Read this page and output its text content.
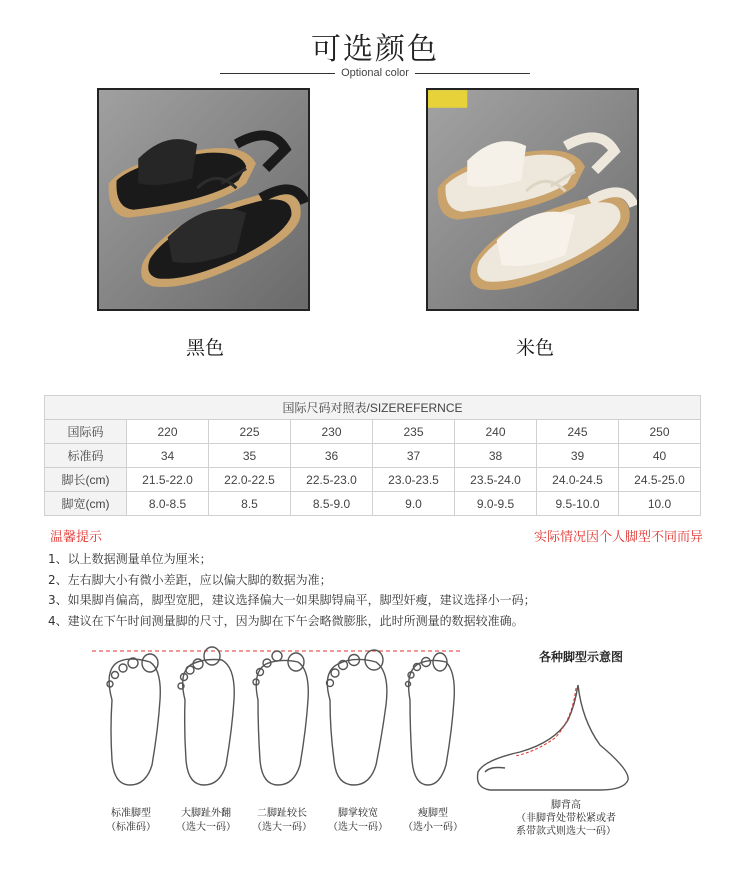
可选颜色
Optional color
黑色	米色
国际尺码对照表/SIZEREFERNCE							
国际码	220	225	230	235	240	245	250
标准码	34	35	36	37	38	39	40
脚长(cm)	21.5-22.0	22.0-22.5	22.5-23.0	23.0-23.5	23.5-24.0	24.0-24.5	24.5-25.0
脚宽(cm)	8.0-8.5	8.5	8.5-9.0	9.0	9.0-9.5	9.5-10.0	10.0
温馨提示	实际情况因个人脚型不同而异
1、以上数据测量单位为厘米；
2、左右脚大小有微小差距，应以偏大脚的数据为准；
3、如果脚肖偏高，脚型宽肥，建议选择偏大一如果脚锝扁平，脚型奸瘦，建议选择小一码；
4、建议在下午时间测量脚的尺寸，因为脚在下午会略微膨胀，此时所测量的数据较准确。
标准脚型
（标准码）
大脚趾外翻
（选大一码）
二脚趾较长
（选大一码）
脚掌较宽
（选大一码）
瘦脚型
（选小一码）
各种脚型示意图
脚背高
（非脚背处带松紧或者
系带款式则选大一码）
